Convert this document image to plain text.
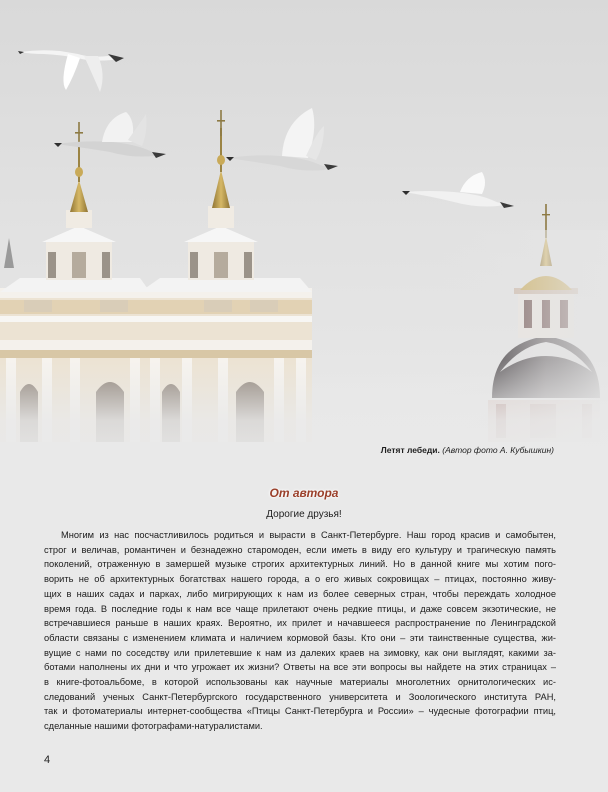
Летят лебеди. (Автор фото А. Кубышкин)
От автора
Дорогие друзья!
Многим из нас посчастливилось родиться и вырасти в Санкт-Петербурге. Наш город красив и самобытен,
строг и величав, романтичен и безнадежно старомоден, если иметь в виду его культуру и трагическую память
поколений, отраженную в замершей музыке строгих архитектурных линий. Но в данной книге мы хотим пого-
ворить не об архитектурных богатствах нашего города, а о его живых сокровищах – птицах, постоянно живу-
щих в наших садах и парках, либо мигрирующих к нам из более северных стран, чтобы переждать холодное
время года. В последние годы к нам все чаще прилетают очень редкие птицы, и даже совсем экзотические, не
встречавшиеся раньше в наших краях. Вероятно, их прилет и начавшееся распространение по Ленинградской
области связаны с изменением климата и наличием кормовой базы. Кто они – эти таинственные существа, жи-
вущие с нами по соседству или прилетевшие к нам из далеких краев на зимовку, как они выглядят, какими за-
ботами наполнены их дни и что угрожает их жизни? Ответы на все эти вопросы вы найдете на этих страницах –
в книге-фотоальбоме, в которой использованы как научные материалы многолетних орнитологических ис-
следований ученых Санкт-Петербургского государственного университета и Зоологического института РАН,
так и фотоматериалы интернет-сообщества «Птицы Санкт-Петербурга и России» – чудесные фотографии птиц,
сделанные нашими фотографами-натуралистами.
4
